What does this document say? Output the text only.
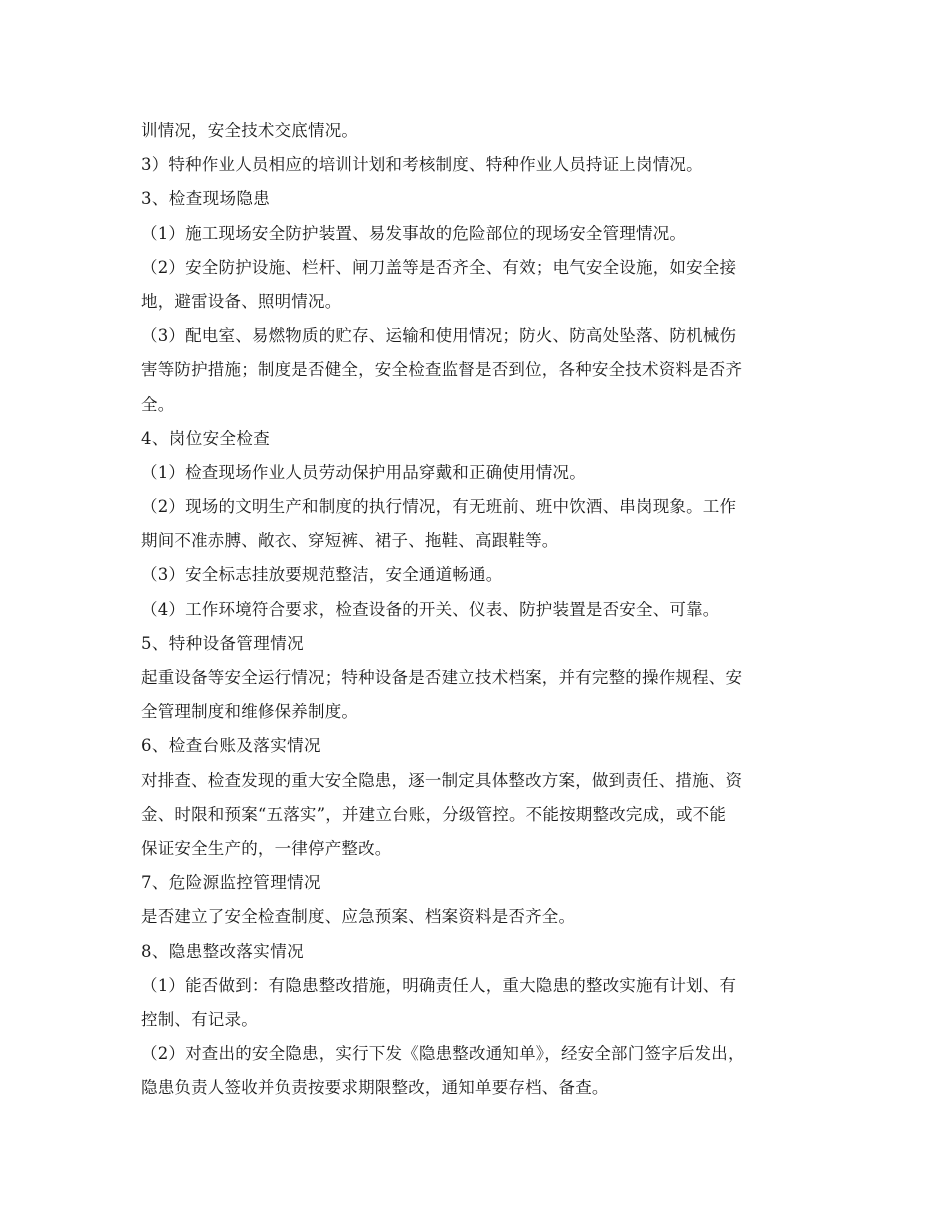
训情况，安全技术交底情况。
3）特种作业人员相应的培训计划和考核制度、特种作业人员持证上岗情况。
3、检查现场隐患
（1）施工现场安全防护装置、易发事故的危险部位的现场安全管理情况。
（2）安全防护设施、栏杆、闸刀盖等是否齐全、有效；电气安全设施，如安全接
地，避雷设备、照明情况。
（3）配电室、易燃物质的贮存、运输和使用情况；防火、防高处坠落、防机械伤
害等防护措施；制度是否健全，安全检查监督是否到位，各种安全技术资料是否齐
全。
4、岗位安全检查
（1）检查现场作业人员劳动保护用品穿戴和正确使用情况。
（2）现场的文明生产和制度的执行情况，有无班前、班中饮酒、串岗现象。工作
期间不准赤膊、敞衣、穿短裤、裙子、拖鞋、高跟鞋等。
（3）安全标志挂放要规范整洁，安全通道畅通。
（4）工作环境符合要求，检查设备的开关、仪表、防护装置是否安全、可靠。
5、特种设备管理情况
起重设备等安全运行情况；特种设备是否建立技术档案，并有完整的操作规程、安
全管理制度和维修保养制度。
6、检查台账及落实情况
对排查、检查发现的重大安全隐患，逐一制定具体整改方案，做到责任、措施、资
金、时限和预案“五落实”，并建立台账，分级管控。不能按期整改完成，或不能
保证安全生产的，一律停产整改。
7、危险源监控管理情况
是否建立了安全检查制度、应急预案、档案资料是否齐全。
8、隐患整改落实情况
（1）能否做到：有隐患整改措施，明确责任人，重大隐患的整改实施有计划、有
控制、有记录。
（2）对查出的安全隐患，实行下发《隐患整改通知单》，经安全部门签字后发出，
隐患负责人签收并负责按要求期限整改，通知单要存档、备查。
